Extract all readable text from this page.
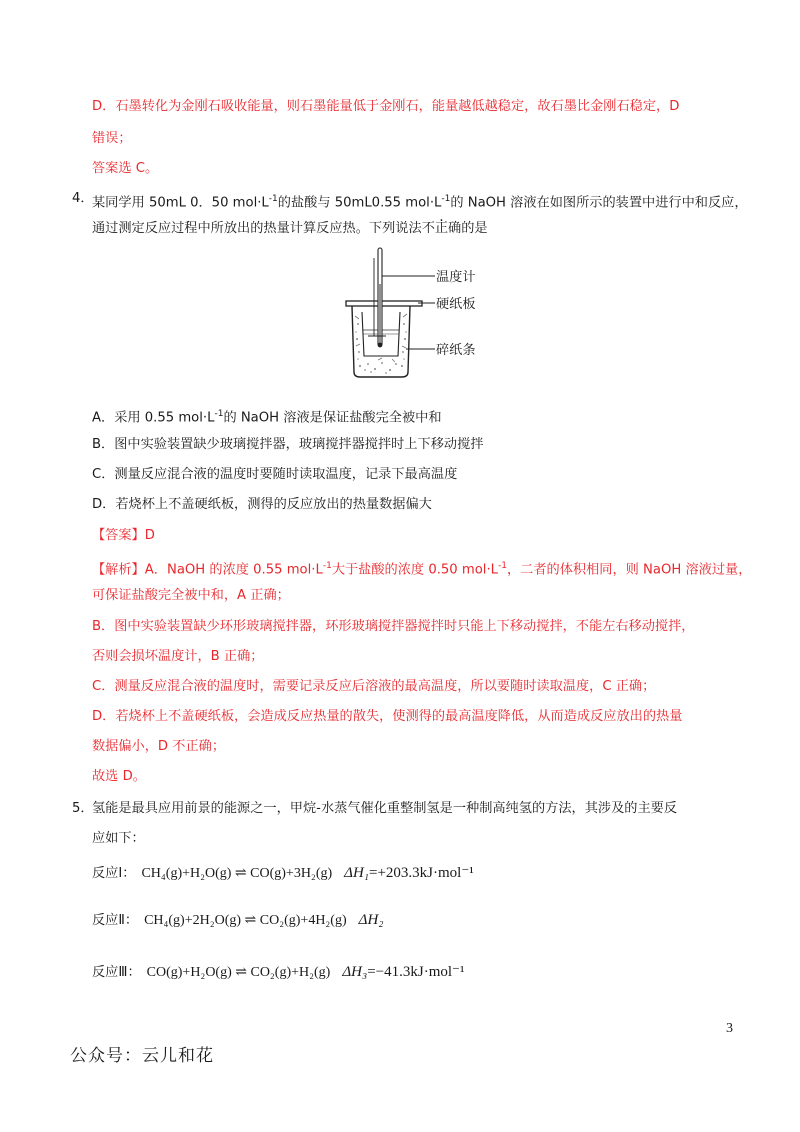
D．石墨转化为金刚石吸收能量，则石墨能量低于金刚石，能量越低越稳定，故石墨比金刚石稳定，D
错误；
答案选 C。
4．
某同学用 50mL 0．50 $mol\cdot L^{-1}$的盐酸与 50mL0.55 $mol\cdot L^{-1}$的 NaOH 溶液在如图所示的装置中进行中和反应，
通过测定反应过程中所放出的热量计算反应热。下列说法不正确的是
温度计
硬纸板
碎纸条
A．采用 0.55 $mol\cdot L^{-1}$的 NaOH 溶液是保证盐酸完全被中和
B．图中实验装置缺少玻璃搅拌器，玻璃搅拌器搅拌时上下移动搅拌
C．测量反应混合液的温度时要随时读取温度，记录下最高温度
D．若烧杯上不盖硬纸板，测得的反应放出的热量数据偏大
【答案】D
【解析】A．NaOH 的浓度 0.55 $mol\cdot L^{-1}$大于盐酸的浓度 0.50 $mol\cdot L^{-1}$，二者的体积相同，则 NaOH 溶液过量，
可保证盐酸完全被中和，A 正确；
B．图中实验装置缺少环形玻璃搅拌器，环形玻璃搅拌器搅拌时只能上下移动搅拌，不能左右移动搅拌，
否则会损坏温度计，B 正确；
C．测量反应混合液的温度时，需要记录反应后溶液的最高温度，所以要随时读取温度，C 正确；
D．若烧杯上不盖硬纸板，会造成反应热量的散失，使测得的最高温度降低，从而造成反应放出的热量
数据偏小，D 不正确；
故选 D。
5．
氢能是最具应用前景的能源之一，甲烷-水蒸气催化重整制氢是一种制高纯氢的方法，其涉及的主要反
应如下：
反应Ⅰ： CH₄(g)+H₂O(g) ⇌ CO(g)+3H₂(g) ΔH₁=+203.3kJ·mol⁻¹
反应Ⅱ： CH₄(g)+2H₂O(g) ⇌ CO₂(g)+4H₂(g) ΔH₂
反应Ⅲ： CO(g)+H₂O(g) ⇌ CO₂(g)+H₂(g) ΔH₃=−41.3kJ·mol⁻¹
3
公众号：云儿和花
